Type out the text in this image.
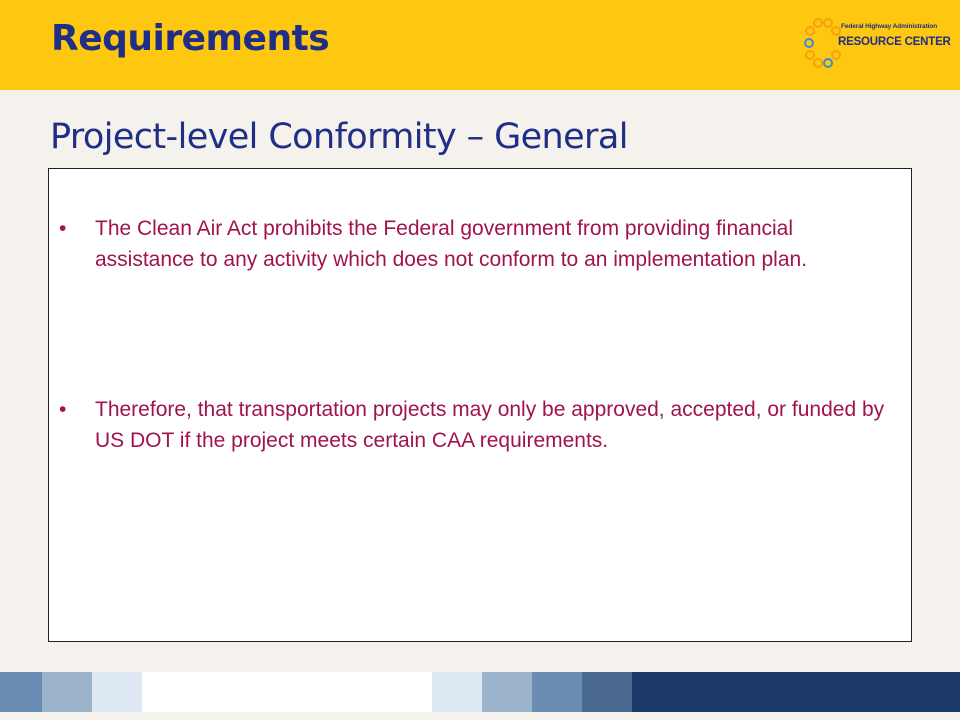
Requirements	Federal Highway Administration
RESOURCE CENTER
Project-level Conformity – General
•	The Clean Air Act prohibits the Federal government from providing financial assistance to any activity which does not conform to an implementation plan.
•	Therefore, that transportation projects may only be approved, accepted, or funded by US DOT if the project meets certain CAA requirements.
